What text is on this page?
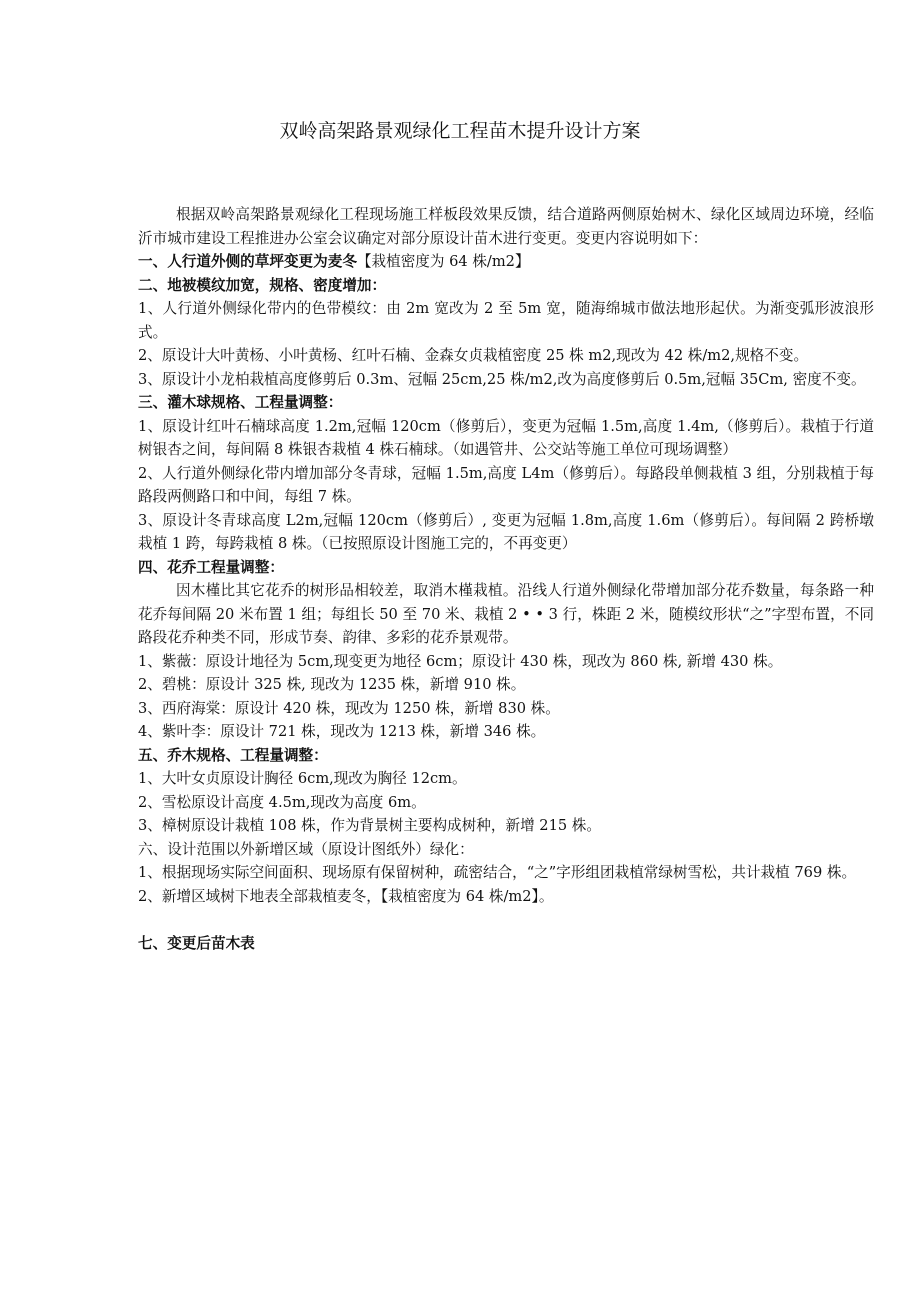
双岭高架路景观绿化工程苗木提升设计方案

根据双岭高架路景观绿化工程现场施工样板段效果反馈，结合道路两侧原始树木、绿化区域周边环境，经临沂市城市建设工程推进办公室会议确定对部分原设计苗木进行变更。变更内容说明如下：

一、人行道外侧的草坪变更为麦冬【栽植密度为 64 株/m2】

二、地被模纹加宽，规格、密度增加：

1、人行道外侧绿化带内的色带模纹：由 2m 宽改为 2 至 5m 宽，随海绵城市做法地形起伏。为渐变弧形波浪形式。

2、原设计大叶黄杨、小叶黄杨、红叶石楠、金森女贞栽植密度 25 株 m2,现改为 42 株/m2,规格不变。

3、原设计小龙柏栽植高度修剪后 0.3m、冠幅 25cm,25 株/m2,改为高度修剪后 0.5m,冠幅 35Cm, 密度不变。

三、灌木球规格、工程量调整：

1、原设计红叶石楠球高度 1.2m,冠幅 120cm（修剪后），变更为冠幅 1.5m,高度 1.4m,（修剪后）。栽植于行道树银杏之间，每间隔 8 株银杏栽植 4 株石楠球。（如遇管井、公交站等施工单位可现场调整）

2、人行道外侧绿化带内增加部分冬青球，冠幅 1.5m,高度 L4m（修剪后）。每路段单侧栽植 3 组，分别栽植于每路段两侧路口和中间，每组 7 株。

3、原设计冬青球高度 L2m,冠幅 120cm（修剪后）, 变更为冠幅 1.8m,高度 1.6m（修剪后）。每间隔 2 跨桥墩栽植 1 跨，每跨栽植 8 株。（已按照原设计图施工完的，不再变更）

四、花乔工程量调整：

因木槿比其它花乔的树形品相较差，取消木槿栽植。沿线人行道外侧绿化带增加部分花乔数量，每条路一种花乔每间隔 20 米布置 1 组；每组长 50 至 70 米、栽植 2 • • 3 行，株距 2 米，随模纹形状“之”字型布置，不同路段花乔种类不同，形成节奏、韵律、多彩的花乔景观带。

1、紫薇：原设计地径为 5cm,现变更为地径 6cm；原设计 430 株，现改为 860 株, 新增 430 株。

2、碧桃：原设计 325 株, 现改为 1235 株，新增 910 株。

3、西府海棠：原设计 420 株，现改为 1250 株，新增 830 株。

4、紫叶李：原设计 721 株，现改为 1213 株，新增 346 株。

五、乔木规格、工程量调整：

1、大叶女贞原设计胸径 6cm,现改为胸径 12cm。

2、雪松原设计高度 4.5m,现改为高度 6m。

3、樟树原设计栽植 108 株，作为背景树主要构成树种，新增 215 株。

六、设计范围以外新增区域（原设计图纸外）绿化：

1、根据现场实际空间面积、现场原有保留树种，疏密结合，“之”字形组团栽植常绿树雪松，共计栽植 769 株。

2、新增区域树下地表全部栽植麦冬，【栽植密度为 64 株/m2】。

七、变更后苗木表
